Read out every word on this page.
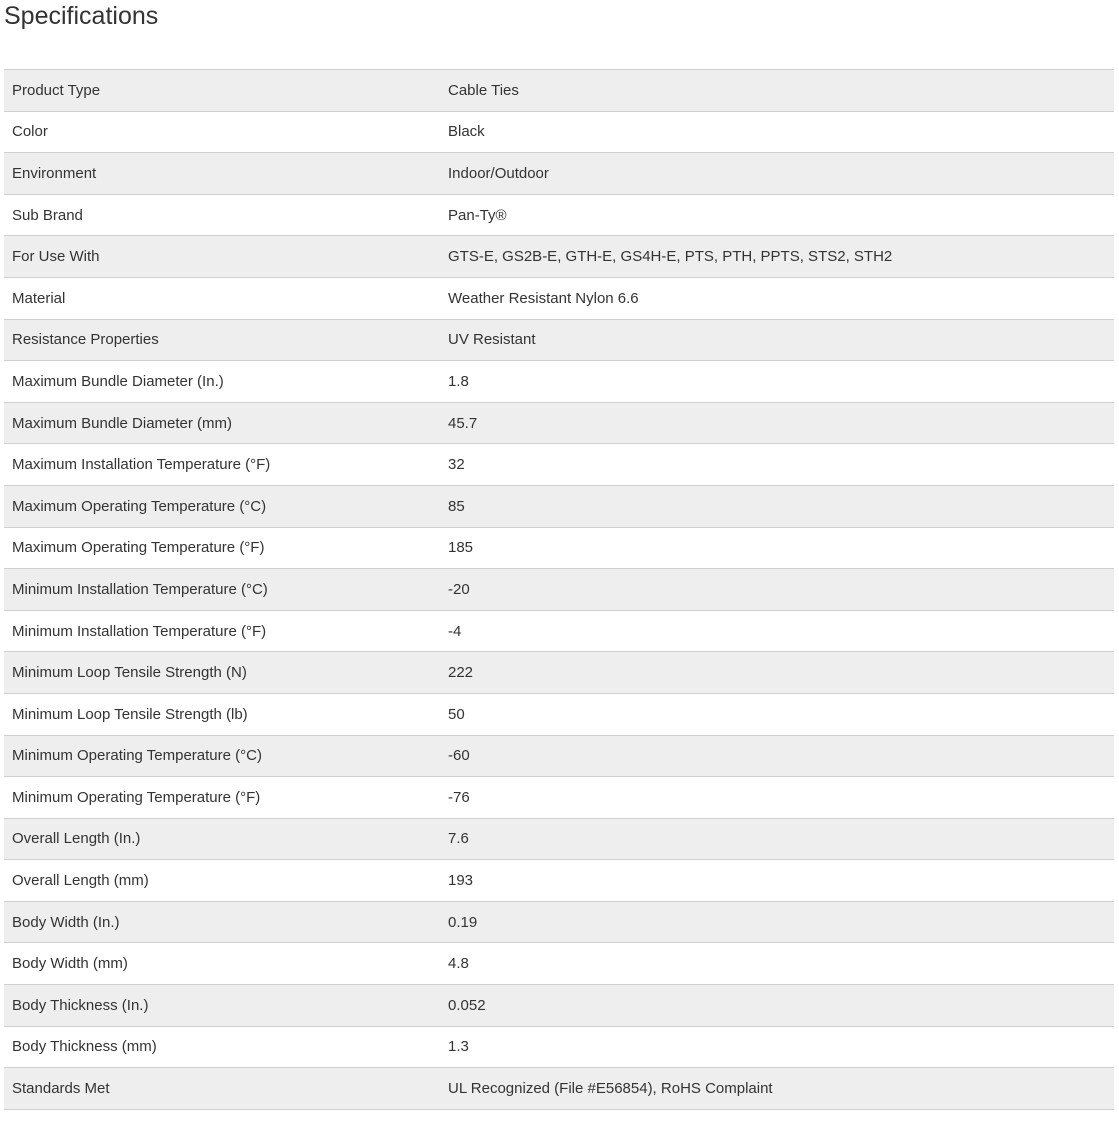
Specifications
Product Type	Cable Ties
Color	Black
Environment	Indoor/Outdoor
Sub Brand	Pan-Ty®
For Use With	GTS-E, GS2B-E, GTH-E, GS4H-E, PTS, PTH, PPTS, STS2, STH2
Material	Weather Resistant Nylon 6.6
Resistance Properties	UV Resistant
Maximum Bundle Diameter (In.)	1.8
Maximum Bundle Diameter (mm)	45.7
Maximum Installation Temperature (°F)	32
Maximum Operating Temperature (°C)	85
Maximum Operating Temperature (°F)	185
Minimum Installation Temperature (°C)	-20
Minimum Installation Temperature (°F)	-4
Minimum Loop Tensile Strength (N)	222
Minimum Loop Tensile Strength (lb)	50
Minimum Operating Temperature (°C)	-60
Minimum Operating Temperature (°F)	-76
Overall Length (In.)	7.6
Overall Length (mm)	193
Body Width (In.)	0.19
Body Width (mm)	4.8
Body Thickness (In.)	0.052
Body Thickness (mm)	1.3
Standards Met	UL Recognized (File #E56854), RoHS Complaint
